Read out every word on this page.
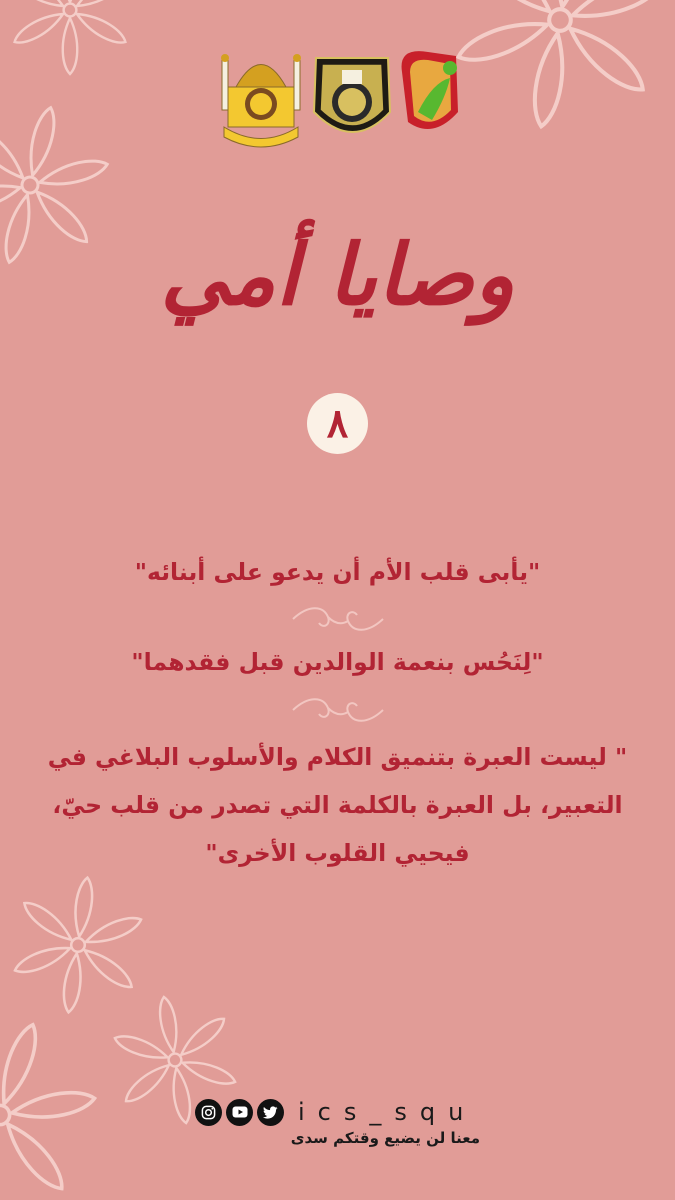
وصايا أمي
٨
"يأبى قلب الأم أن يدعو على أبنائه"
"لِنَحُس بنعمة الوالدين قبل فقدهما"
" ليست العبرة بتنميق الكلام والأسلوب البلاغي في التعبير، بل العبرة بالكلمة التي تصدر من قلب حيّ، فيحيي القلوب الأخرى"
ics_squ
معنا لن يضيع وقتكم سدى
